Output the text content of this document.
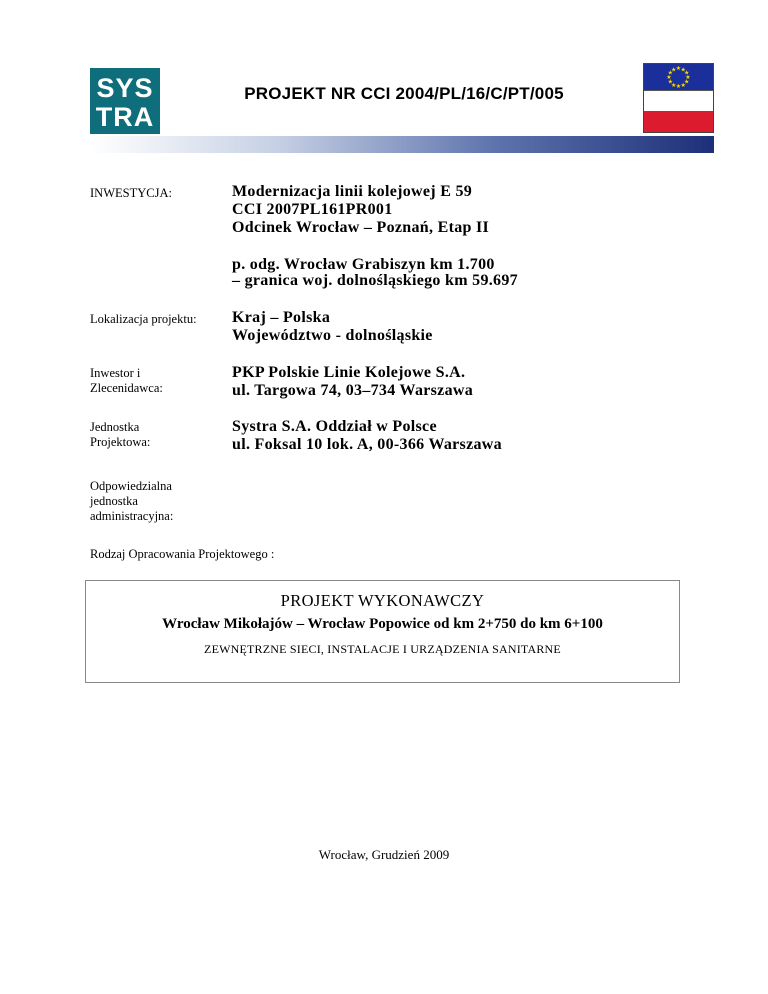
SYS
TRA
PROJEKT NR CCI 2004/PL/16/C/PT/005
★
★
★
★
★
★
★
★
★ ★ ★
★
INWESTYCJA:	Modernizacja linii kolejowej E 59
CCI 2007PL161PR001
Odcinek Wrocław – Poznań, Etap II
p. odg. Wrocław Grabiszyn km 1.700
– granica woj. dolnośląskiego km 59.697
Lokalizacja projektu: Kraj – Polska
Województwo - dolnośląskie
Inwestor i
Zlecenidawca:
PKP Polskie Linie Kolejowe S.A.
ul. Targowa 74, 03–734 Warszawa
Jednostka
Projektowa:
Systra S.A. Oddział w Polsce
ul. Foksal 10 lok. A, 00-366 Warszawa
Odpowiedzialna
jednostka
administracyjna:
Rodzaj Opracowania Projektowego :
PROJEKT WYKONAWCZY
Wrocław Mikołajów – Wrocław Popowice od km 2+750 do km 6+100
ZEWNĘTRZNE SIECI, INSTALACJE I URZĄDZENIA SANITARNE
Wrocław, Grudzień 2009
